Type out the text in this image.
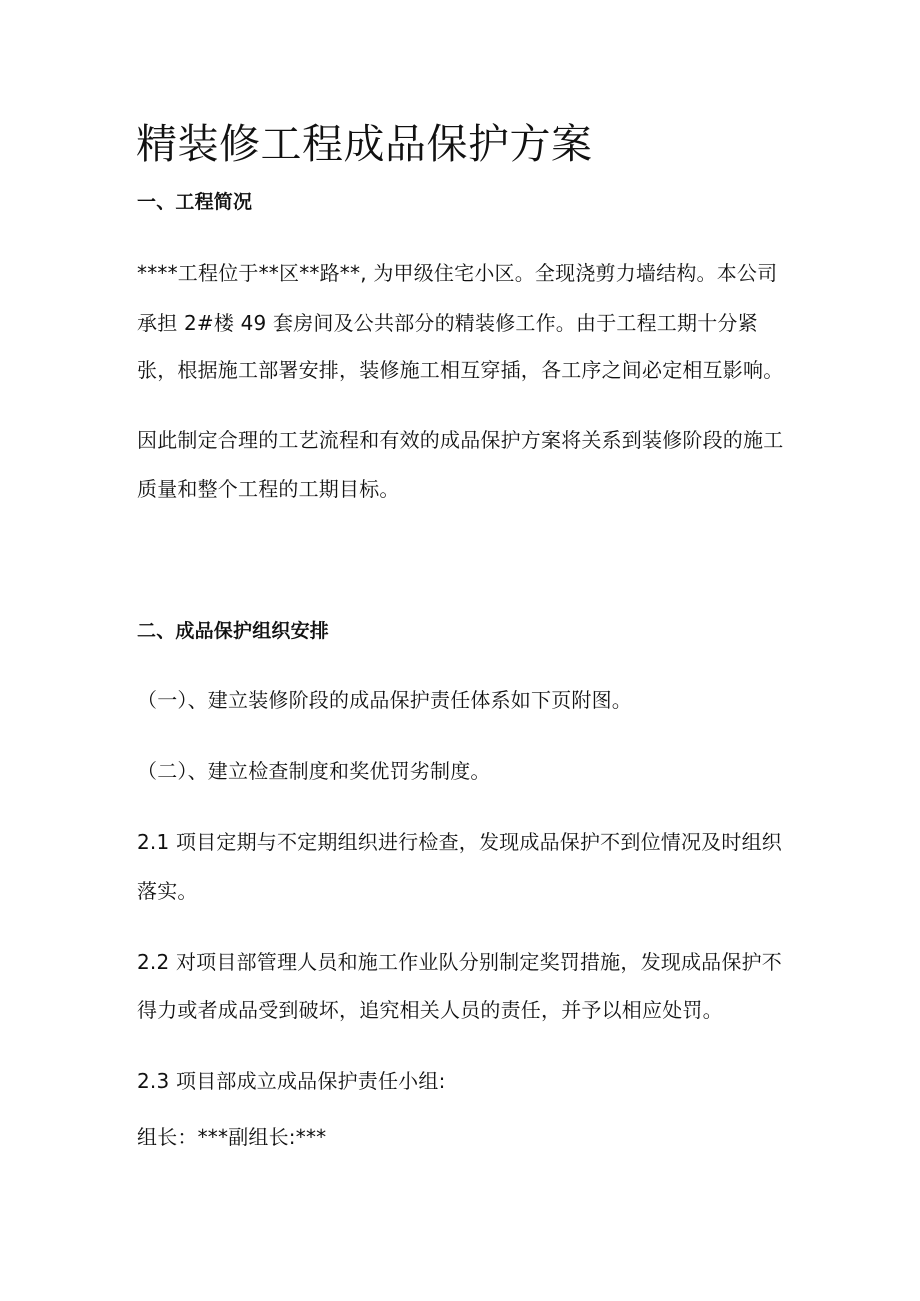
精装修工程成品保护方案
一、工程简况
****工程位于**区**路**, 为甲级住宅小区。全现浇剪力墙结构。本公司
承担 2#楼 49 套房间及公共部分的精装修工作。由于工程工期十分紧
张，根据施工部署安排，装修施工相互穿插，各工序之间必定相互影响。
因此制定合理的工艺流程和有效的成品保护方案将关系到装修阶段的施工
质量和整个工程的工期目标。
二、成品保护组织安排
（一）、建立装修阶段的成品保护责任体系如下页附图。
（二）、建立检查制度和奖优罚劣制度。
2.1 项目定期与不定期组织进行检查，发现成品保护不到位情况及时组织
落实。
2.2 对项目部管理人员和施工作业队分别制定奖罚措施，发现成品保护不
得力或者成品受到破坏，追究相关人员的责任，并予以相应处罚。
2.3 项目部成立成品保护责任小组:
组长：***副组长:***
